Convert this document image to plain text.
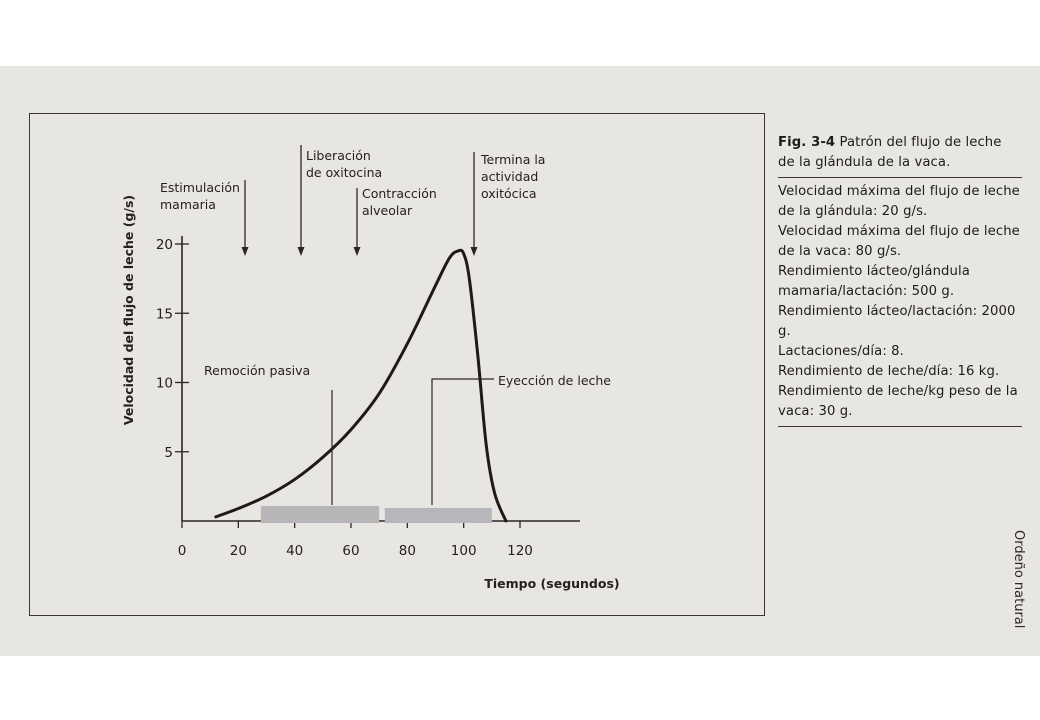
0	20	40	60	80	100 120
5
10
15
20
Estimulación mamaria
Liberación de oxitocina
Contracción alveolar
Termina la actividad oxitócica
Velocidad del flujo de leche (g/s)
Tiempo (segundos)
Remoción pasiva
Eyección de leche
Fig. 3-4 Patrón del flujo de leche de la glándula de la vaca.

Velocidad máxima del flujo de leche de la glándula: 20 g/s.

Velocidad máxima del flujo de leche de la vaca: 80 g/s.

Rendimiento lácteo/glándula mamaria/lactación: 500 g.

Rendimiento lácteo/lactación: 2000 g.

Lactaciones/día: 8.

Rendimiento de leche/día: 16 kg.

Rendimiento de leche/kg peso de la vaca: 30 g.

Ordeño natural
